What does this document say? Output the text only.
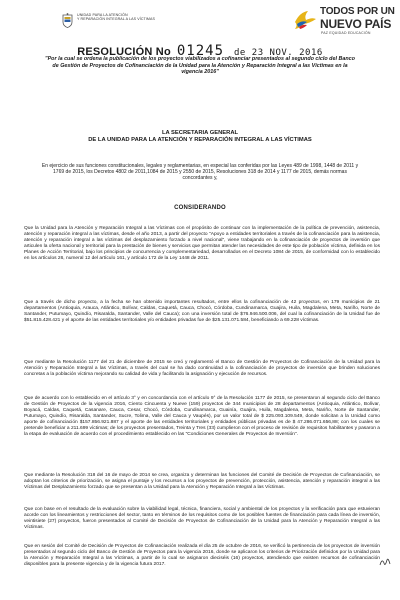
UNIDAD PARA LA ATENCIÓN
Y REPARACIÓN INTEGRAL A LAS VÍCTIMAS
TODOS POR UN
NUEVO PAÍS
PAZ EQUIDAD EDUCACIÓN
RESOLUCIÓN No 01245 de 23 NOV. 2016
"Por la cual se ordena la publicación de los proyectos viabilizados a cofinanciar presentados al segundo ciclo del Banco de Gestión de Proyectos de Cofinanciación de la Unidad para la Atención y Reparación Integral a las Víctimas en la vigencia 2016"
LA SECRETARIA GENERAL
DE LA UNIDAD PARA LA ATENCIÓN Y REPARACIÓN INTEGRAL A LAS VÍCTIMAS
En ejercicio de sus funciones constitucionales, legales y reglamentarias, en especial las conferidas por las Leyes 489 de 1998, 1448 de 2011 y 1769 de 2015, los Decretos 4802 de 2011,1084 de 2015 y 2550 de 2015, Resoluciones 318 de 2014 y 1177 de 2015, demás normas concordantes y,
CONSIDERANDO
Que la Unidad para la Atención y Reparación Integral a las Víctimas con el propósito de continuar con la implementación de la política de prevención, asistencia, atención y reparación integral a las víctimas, desde el año 2013, a partir del proyecto "Apoyo a entidades territoriales a través de la cofinanciación para la asistencia, atención y reparación integral a las víctimas del desplazamiento forzado a nivel nacional", viene trabajando en la cofinanciación de proyectos de inversión que articulen la oferta nacional y territorial para la prestación de bienes y servicios que permitan atender las necesidades de este tipo de población víctima, definida en los Planes de Acción Territorial, bajo los principios de concurrencia y complementariedad, desarrollados en el Decreto 1084 de 2015, de conformidad con lo establecido en los artículos 26, numeral 12 del artículo 161, y artículo 172 de la Ley 1448 de 2011.
Que a través de dicho proyecto, a la fecha se han obtenido importantes resultados, entre ellos la cofinanciación de 42 proyectos, en 179 municipios de 21 departamentos (Antioquia, Arauca, Atlántico, Bolívar, Caldas, Caquetá, Cauca, Chocó, Córdoba, Cundinamarca, Guajira, Huila, Magdalena, Meta, Nariño, Norte de Santander, Putumayo, Quindío, Risaralda, Santander, Valle del Cauca); con una inversión total de $76.946.500.006, del cual la cofinanciación de la Unidad fue de $51.815.428.421 y el aporte de las entidades territoriales y/o entidades privadas fue de $25.131.071.584, beneficiando a 69.228 víctimas.
Que mediante la Resolución 1177 del 21 de diciembre de 2015 se creó y reglamentó el Banco de Gestión de Proyectos de Cofinanciación de la Unidad para la Atención y Reparación Integral a las Víctimas, a través del cual se ha dado continuidad a la cofinanciación de proyectos de inversión que brinden soluciones concretas a la población víctima mejorando su calidad de vida y facilitando la asignación y ejecución de recursos.
Que de acuerdo con lo establecido en el artículo 3° y en concordancia con el artículo 9° de la Resolución 1177 de 2015, se presentaron al segundo ciclo del Banco de Gestión de Proyectos de la vigencia 2016, Ciento Cincuenta y Nueve (159) proyectos de 344 municipios de 28 departamentos (Antioquia, Atlántico, Bolívar, Boyacá, Caldas, Caquetá, Casanare, Cauca, Cesar, Chocó, Córdoba, Cundinamarca, Guainía, Guajira, Huila, Magdalena, Meta, Nariño, Norte de Santander, Putumayo, Quindío, Risaralda, Santander, Sucre, Tolima, Valle del Cauca y Vaupés), por un valor total de $ 225.093.109.549, donde solicitan a la Unidad como aporte de cofinanciación $157.856.921.887 y el aporte de las entidades territoriales y entidades públicas privadas es de $ 47.286.071.656,88; con los cuales se pretende beneficiar a 211.699 víctimas; de los proyectos presentados, Treinta y Tres (33) cumplieron con el proceso de revisión de requisitos habilitantes y pasaron a la etapa de evaluación de acuerdo con el procedimiento establecido en las "Condiciones Generales de Proyectos de Inversión".
Que mediante la Resolución 318 del 16 de mayo de 2014 se crea, organiza y determinan las funciones del Comité de Decisión de Proyectos de Cofinanciación, se adoptan los criterios de priorización, se asigna el puntaje y los recursos a los proyectos de prevención, protección, asistencia, atención y reparación integral a las Víctimas del Desplazamiento forzado que se presentan a la Unidad para la Atención y Reparación Integral a las Víctimas.
Que con base en el resultado de la evaluación sobre la viabilidad legal, técnica, financiera, social y ambiental de los proyectos y la verificación para que estuvieran acorde con los lineamientos y restricciones del sector, tanto en términos de los requisitos como de los posibles fuentes de financiación para cada línea de inversión, veintisiete (27) proyectos, fueron presentados al Comité de Decisión de Proyectos de Cofinanciación de la Unidad para la Atención y Reparación Integral a las Víctimas.
Que en sesión del Comité de Decisión de Proyectos de Cofinanciación realizada el día 25 de octubre de 2016, se verificó la pertinencia de los proyectos de inversión presentados al segundo ciclo del Banco de Gestión de Proyectos para la vigencia 2016, donde se aplicaron los criterios de Priorización definidos por la Unidad para la Atención y Reparación Integral a las Víctimas, a partir de lo cual se asignaron dieciséis (16) proyectos, atendiendo que existen recursos de cofinanciación disponibles para la presente vigencia y de la vigencia futura 2017.
